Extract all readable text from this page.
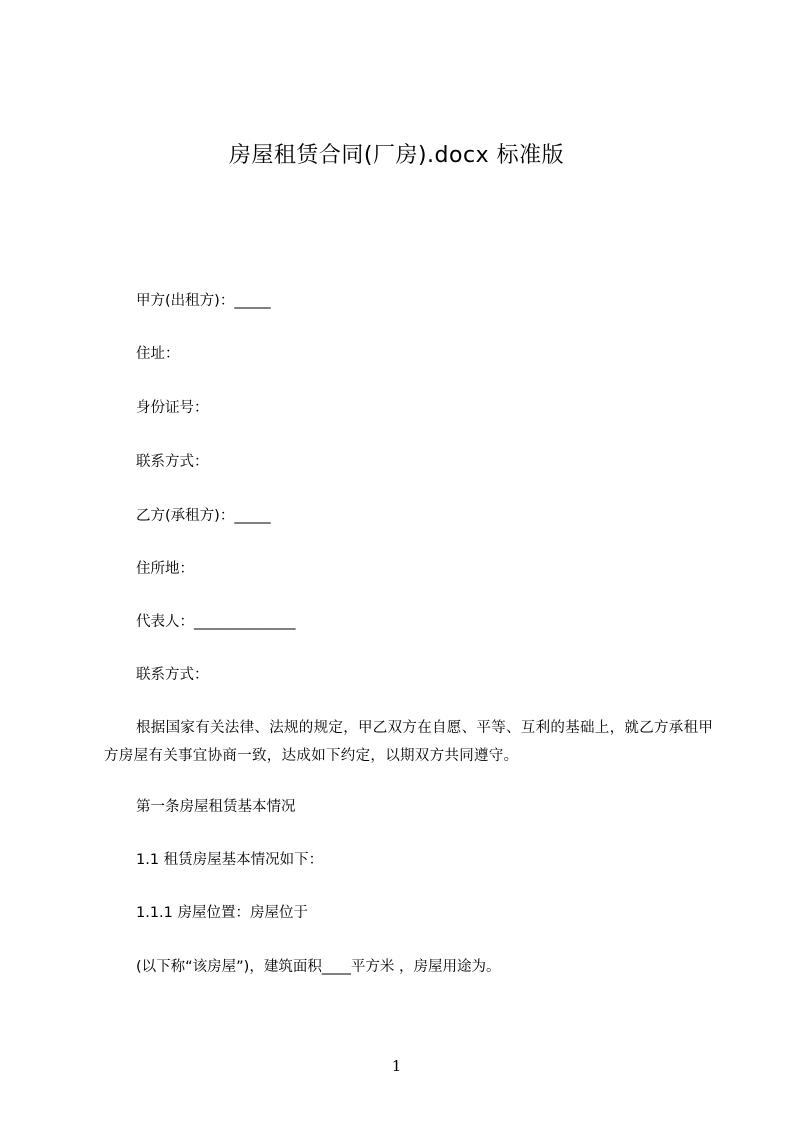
房屋租赁合同(厂房).docx 标准版
甲方(出租方)：_____
住址：
身份证号：
联系方式：
乙方(承租方)：_____
住所地：
代表人：______________
联系方式：
根据国家有关法律、法规的规定，甲乙双方在自愿、平等、互利的基础上，就乙方承租甲方房屋有关事宜协商一致，达成如下约定，以期双方共同遵守。
第一条房屋租赁基本情况
1.1 租赁房屋基本情况如下：
1.1.1 房屋位置：房屋位于
(以下称“该房屋”)，建筑面积____平方米 ，房屋用途为。
1
